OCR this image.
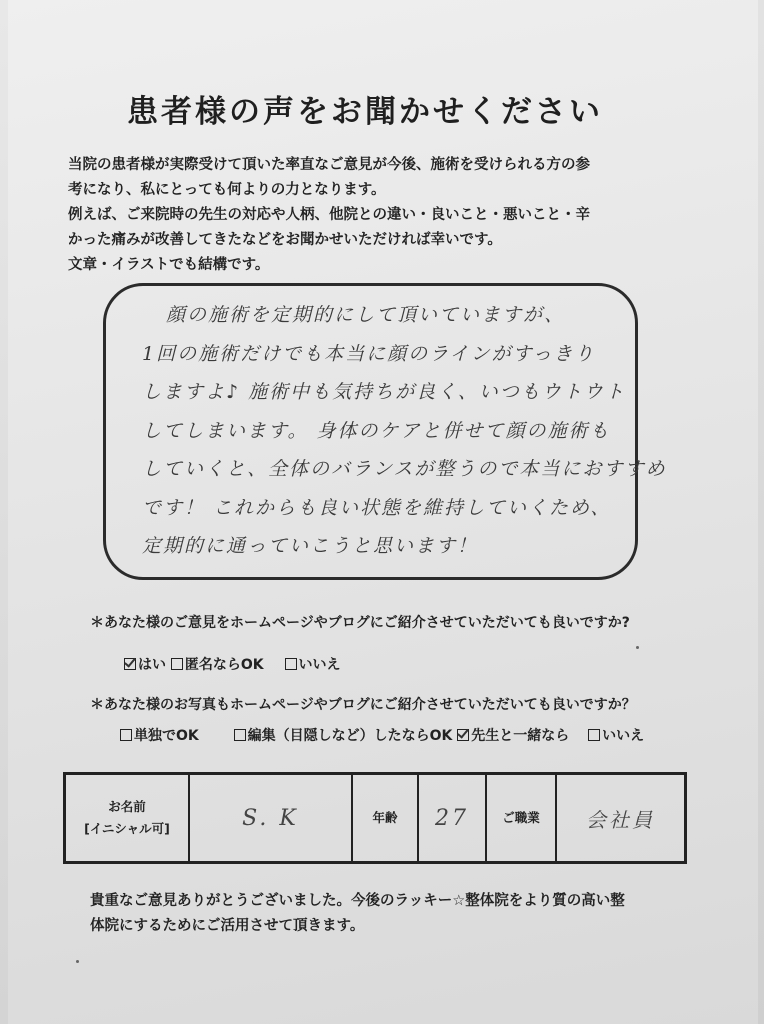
患者様の声をお聞かせください
当院の患者様が実際受けて頂いた率直なご意見が今後、施術を受けられる方の参
考になり、私にとっても何よりの力となります。
例えば、ご来院時の先生の対応や人柄、他院との違い・良いこと・悪いこと・辛
かった痛みが改善してきたなどをお聞かせいただければ幸いです。
文章・イラストでも結構です。
顔の施術を定期的にして頂いていますが、
1回の施術だけでも本当に顔のラインがすっきり
しますよ♪ 施術中も気持ちが良く、いつもウトウト
してしまいます。 身体のケアと併せて顔の施術も
していくと、全体のバランスが整うので本当におすすめ
です！ これからも良い状態を維持していくため、
定期的に通っていこうと思います！
＊あなた様のご意見をホームページやブログにご紹介させていただいても良いですか?
はい
匿名ならOK
いいえ
＊あなた様のお写真もホームページやブログにご紹介させていただいても良いですか？
単独でOK
	編集（目隠しなど）したならOK
先生と一緒なら
いいえ
お名前
[イニシャル可]	S. K	年齢	27	ご職業	会社員
貴重なご意見ありがとうございました。今後のラッキー☆整体院をより質の高い整
体院にするためにご活用させて頂きます。
